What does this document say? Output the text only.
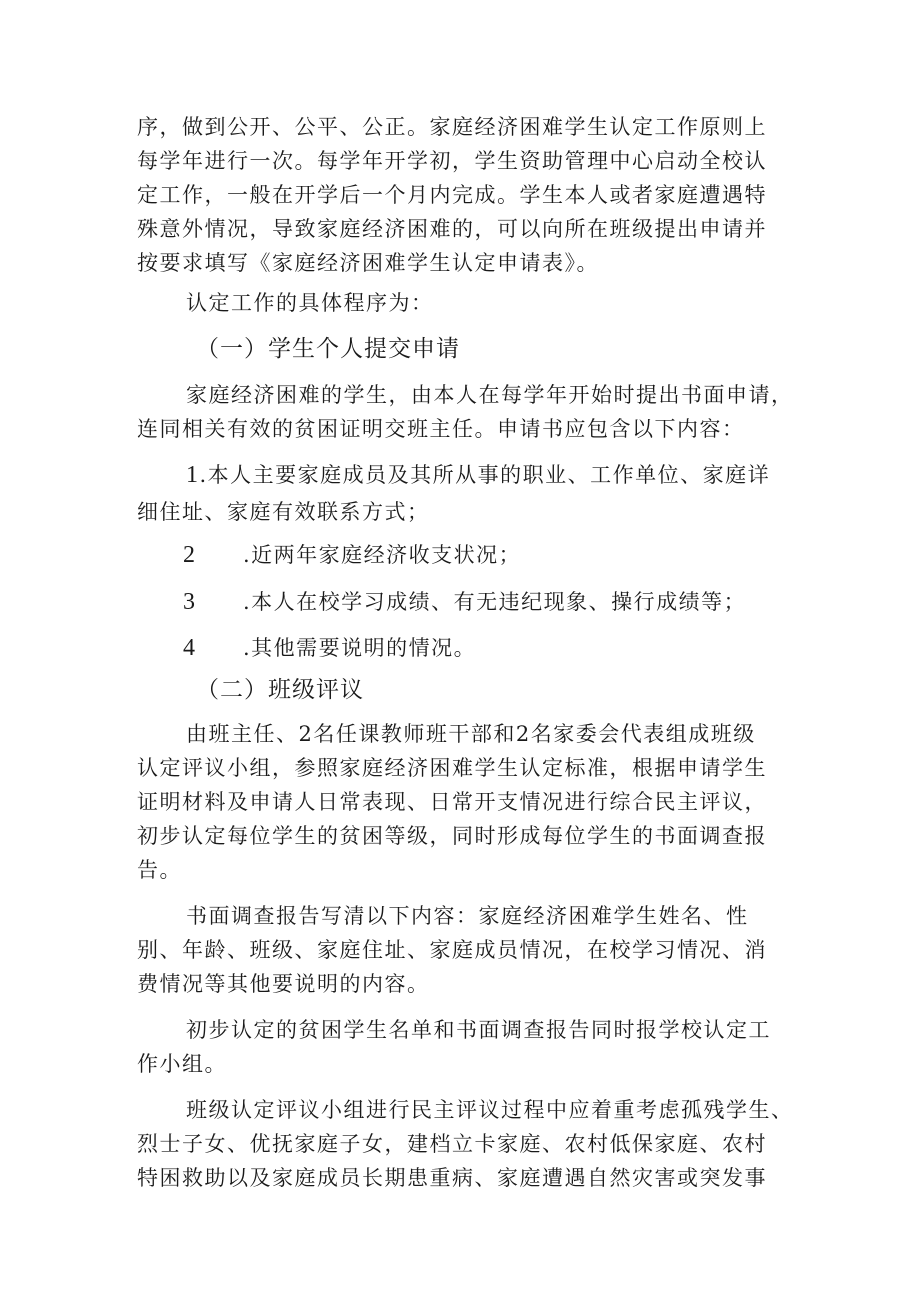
序，做到公开、公平、公正。家庭经济困难学生认定工作原则上
每学年进行一次。每学年开学初，学生资助管理中心启动全校认
定工作，一般在开学后一个月内完成。学生本人或者家庭遭遇特
殊意外情况，导致家庭经济困难的，可以向所在班级提出申请并
按要求填写《家庭经济困难学生认定申请表》。
认定工作的具体程序为：
（一）学生个人提交申请
家庭经济困难的学生，由本人在每学年开始时提出书面申请，
连同相关有效的贫困证明交班主任。申请书应包含以下内容：
1.本人主要家庭成员及其所从事的职业、工作单位、家庭详
细住址、家庭有效联系方式；
2 .近两年家庭经济收支状况；
3 .本人在校学习成绩、有无违纪现象、操行成绩等；
4 .其他需要说明的情况。
（二）班级评议
由班主任、2名任课教师班干部和2名家委会代表组成班级
认定评议小组，参照家庭经济困难学生认定标准，根据申请学生
证明材料及申请人日常表现、日常开支情况进行综合民主评议，
初步认定每位学生的贫困等级，同时形成每位学生的书面调查报
告。
书面调查报告写清以下内容：家庭经济困难学生姓名、性
别、年龄、班级、家庭住址、家庭成员情况，在校学习情况、消
费情况等其他要说明的内容。
初步认定的贫困学生名单和书面调查报告同时报学校认定工
作小组。
班级认定评议小组进行民主评议过程中应着重考虑孤残学生、
烈士子女、优抚家庭子女，建档立卡家庭、农村低保家庭、农村
特困救助以及家庭成员长期患重病、家庭遭遇自然灾害或突发事
